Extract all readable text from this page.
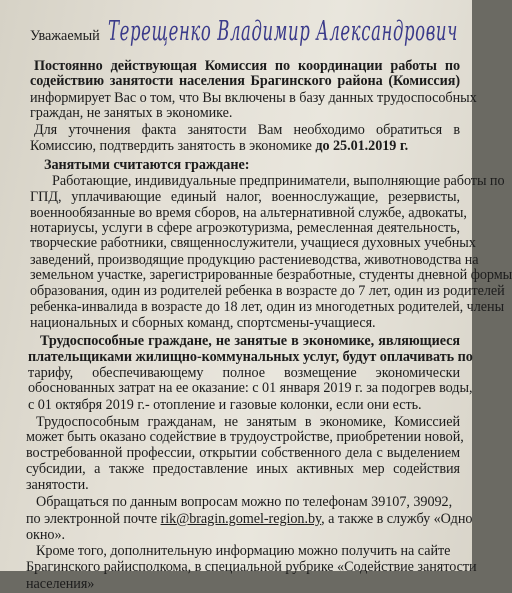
Уважаемый Терещенко Владимир Александрович
Постоянно действующая Комиссия по координации работы по
содействию занятости населения Брагинского района (Комиссия)
информирует Вас о том, что Вы включены в базу данных трудоспособных
граждан, не занятых в экономике.
Для уточнения факта занятости Вам необходимо обратиться в
Комиссию, подтвердить занятость в экономике до 25.01.2019 г.
Занятыми считаются граждане:
Работающие, индивидуальные предприниматели, выполняющие работы по
ГПД, уплачивающие единый налог, военнослужащие, резервисты,
военнообязанные во время сборов, на альтернативной службе, адвокаты,
нотариусы, услуги в сфере агроэкотуризма, ремесленная деятельность,
творческие работники, священнослужители, учащиеся духовных учебных
заведений, производящие продукцию растениеводства, животноводства на
земельном участке, зарегистрированные безработные, студенты дневной формы
образования, один из родителей ребенка в возрасте до 7 лет, один из родителей
ребенка-инвалида в возрасте до 18 лет, один из многодетных родителей, члены
национальных и сборных команд, спортсмены-учащиеся.
Трудоспособные граждане, не занятые в экономике, являющиеся
плательщиками жилищно-коммунальных услуг, будут оплачивать по
тарифу, обеспечивающему полное возмещение экономически
обоснованных затрат на ее оказание: с 01 января 2019 г. за подогрев воды,
с 01 октября 2019 г.- отопление и газовые колонки, если они есть.
Трудоспособным гражданам, не занятым в экономике, Комиссией
может быть оказано содействие в трудоустройстве, приобретении новой,
востребованной профессии, открытии собственного дела с выделением
субсидии, а также предоставление иных активных мер содействия
занятости.
Обращаться по данным вопросам можно по телефонам 39107, 39092,
по электронной почте rik@bragin.gomel-region.by, а также в службу «Одно
окно».
Кроме того, дополнительную информацию можно получить на сайте
Брагинского райисполкома, в специальной рубрике «Содействие занятости
населения»
